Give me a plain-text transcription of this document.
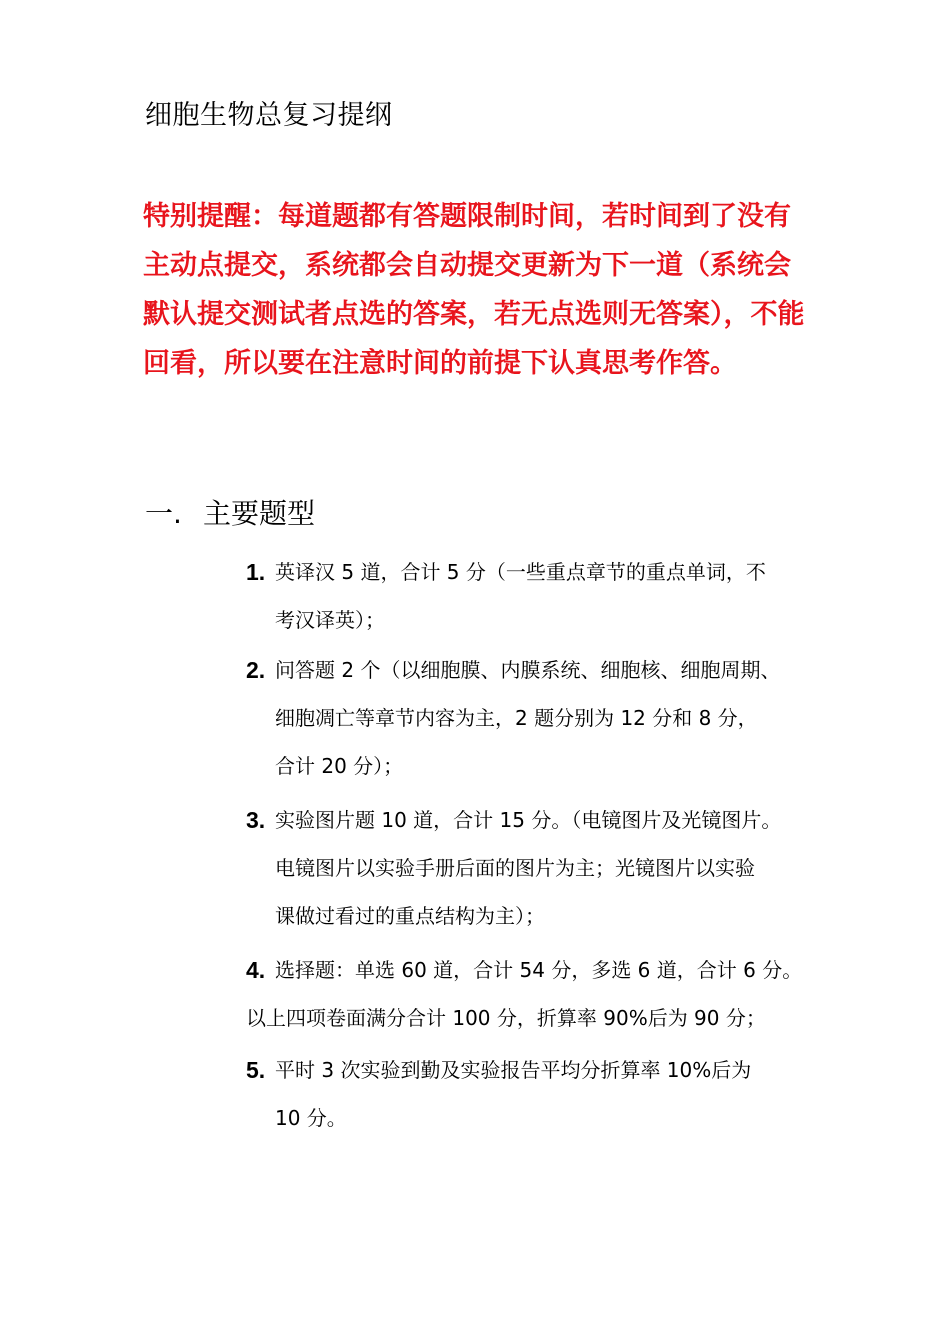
细胞生物总复习提纲
特别提醒：每道题都有答题限制时间，若时间到了没有主动点提交，系统都会自动提交更新为下一道（系统会默认提交测试者点选的答案，若无点选则无答案），不能回看，所以要在注意时间的前提下认真思考作答。
一. 主要题型
1. 英译汉 5 道，合计 5 分（一些重点章节的重点单词，不
考汉译英）；
2. 问答题 2 个（以细胞膜、内膜系统、细胞核、细胞周期、
细胞凋亡等章节内容为主，2 题分别为 12 分和 8 分，
合计 20 分）；
3. 实验图片题 10 道，合计 15 分。（电镜图片及光镜图片。
电镜图片以实验手册后面的图片为主；光镜图片以实验
课做过看过的重点结构为主）；
4. 选择题：单选 60 道，合计 54 分，多选 6 道，合计 6 分。
以上四项卷面满分合计 100 分，折算率 90%后为 90 分；
5. 平时 3 次实验到勤及实验报告平均分折算率 10%后为
10 分。
